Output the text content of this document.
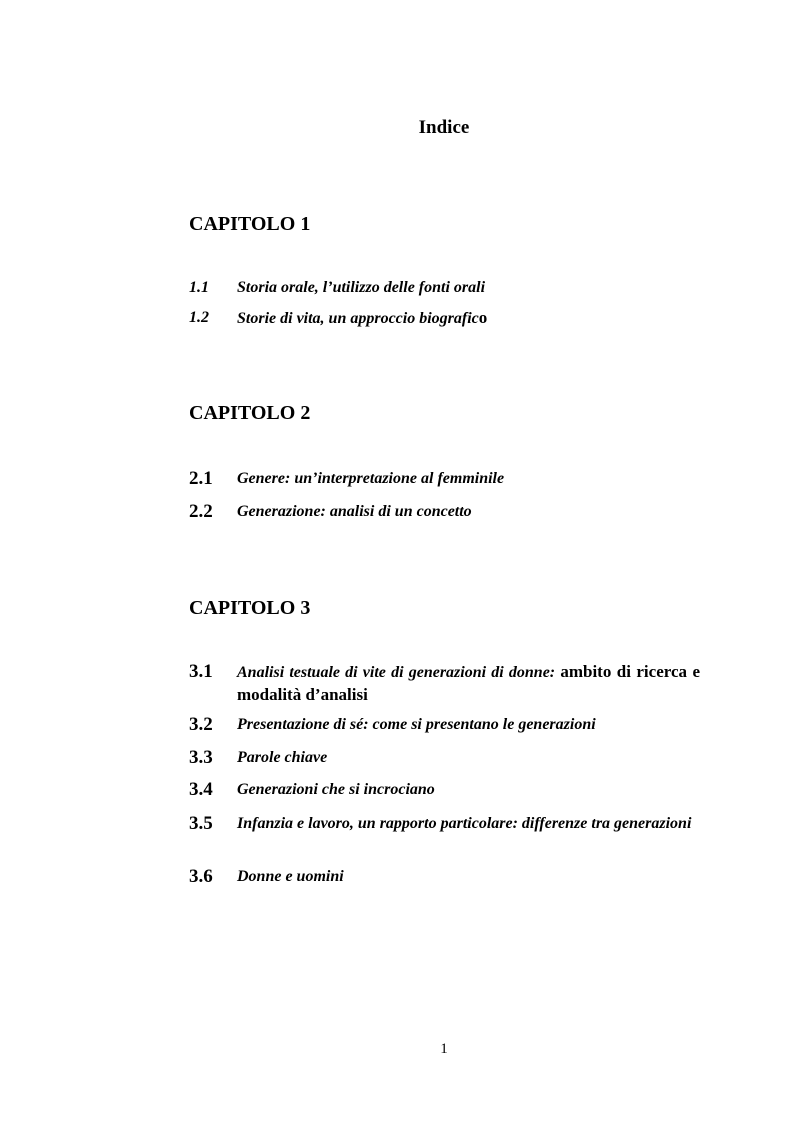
Indice
CAPITOLO 1
1.1 Storia orale, l’utilizzo delle fonti orali
1.2 Storie di vita, un approccio biografico
CAPITOLO 2
2.1 Genere: un’interpretazione al femminile
2.2 Generazione: analisi di un concetto
CAPITOLO 3
3.1 Analisi testuale di vite di generazioni di donne: ambito di ricerca e modalità d’analisi
3.2 Presentazione di sé: come si presentano le generazioni
3.3 Parole chiave
3.4 Generazioni che si incrociano
3.5 Infanzia e lavoro, un rapporto particolare: differenze tra generazioni
3.6 Donne e uomini
1
